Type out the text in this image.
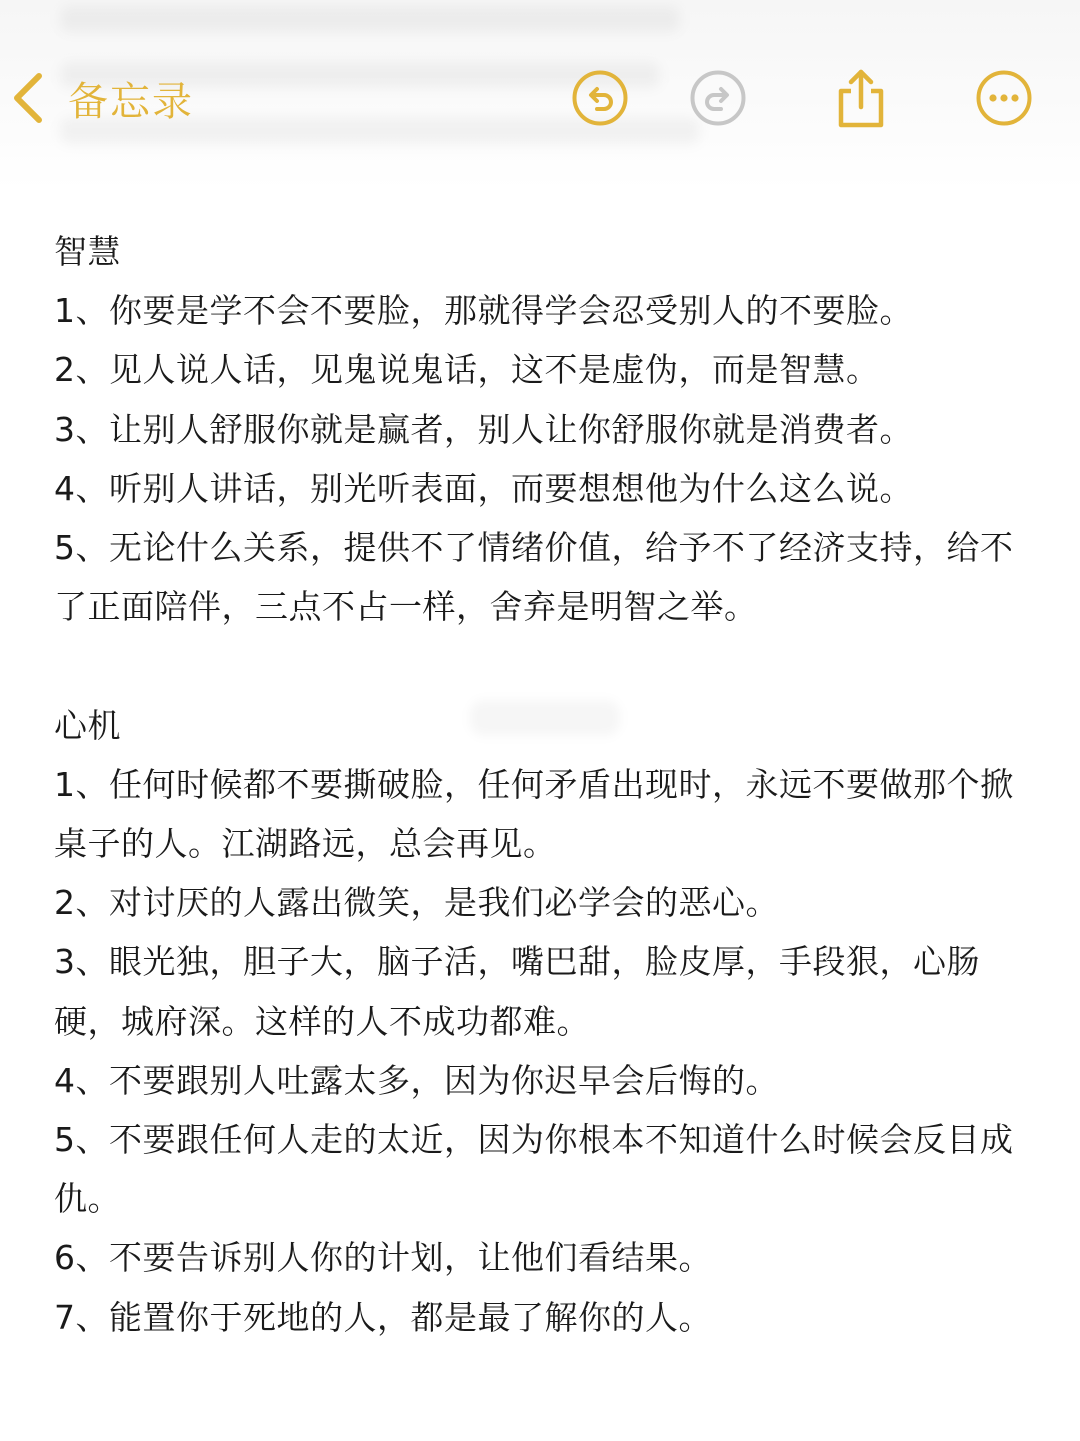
备忘录

智慧

1、你要是学不会不要脸，那就得学会忍受别人的不要脸。

2、见人说人话，见鬼说鬼话，这不是虚伪，而是智慧。

3、让别人舒服你就是赢者，别人让你舒服你就是消费者。

4、听别人讲话，别光听表面，而要想想他为什么这么说。

5、无论什么关系，提供不了情绪价值，给予不了经济支持，给不了正面陪伴，三点不占一样，舍弃是明智之举。

心机

1、任何时候都不要撕破脸，任何矛盾出现时，永远不要做那个掀桌子的人。江湖路远，总会再见。

2、对讨厌的人露出微笑，是我们必学会的恶心。

3、眼光独，胆子大，脑子活，嘴巴甜，脸皮厚，手段狠，心肠硬，城府深。这样的人不成功都难。

4、不要跟别人吐露太多，因为你迟早会后悔的。

5、不要跟任何人走的太近，因为你根本不知道什么时候会反目成仇。

6、不要告诉别人你的计划，让他们看结果。

7、能置你于死地的人，都是最了解你的人。
